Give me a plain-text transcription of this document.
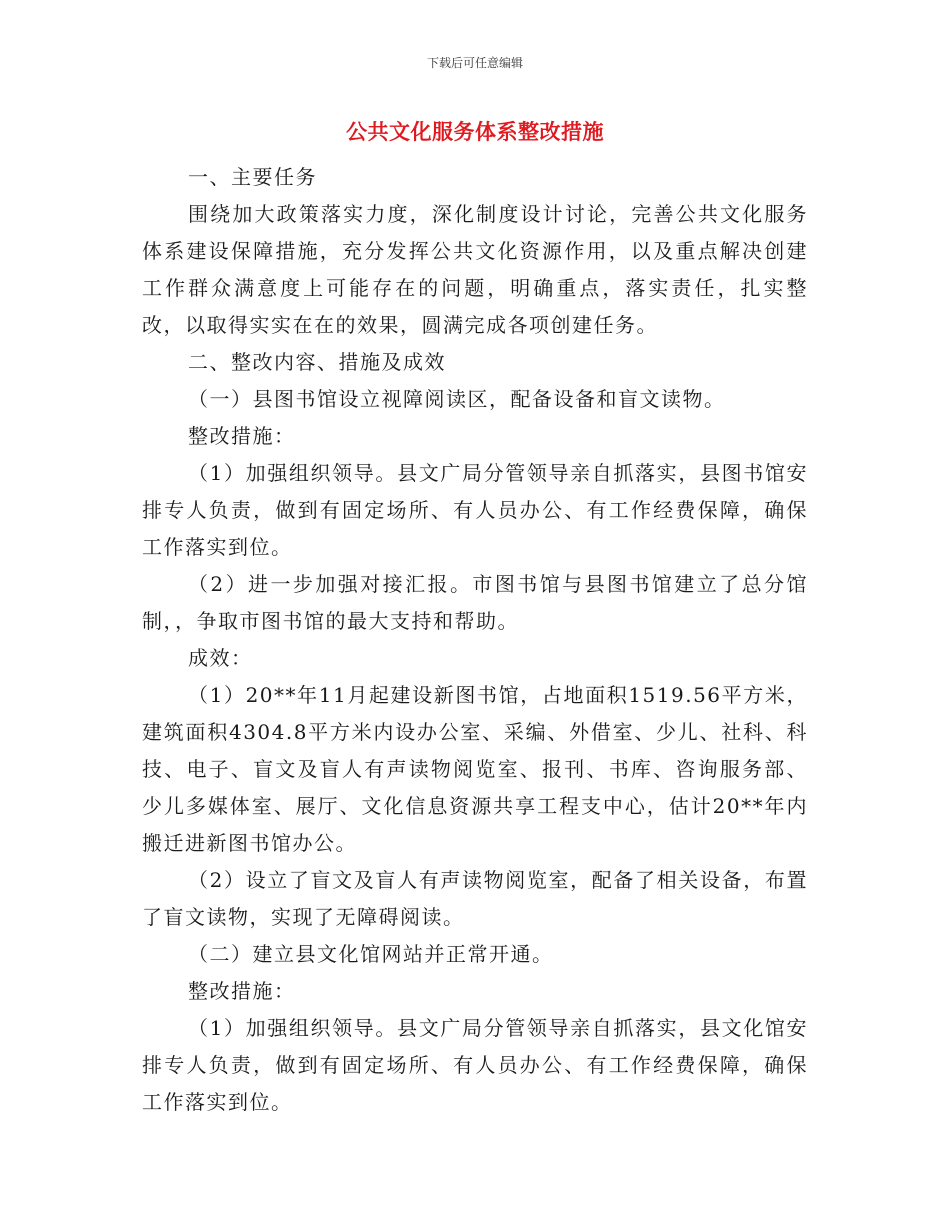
下载后可任意编辑
公共文化服务体系整改措施

一、主要任务

围绕加大政策落实力度，深化制度设计讨论，完善公共文化服务体系建设保障措施，充分发挥公共文化资源作用，以及重点解决创建工作群众满意度上可能存在的问题，明确重点，落实责任，扎实整改，以取得实实在在的效果，圆满完成各项创建任务。

二、整改内容、措施及成效

（一）县图书馆设立视障阅读区，配备设备和盲文读物。

整改措施：

（1）加强组织领导。县文广局分管领导亲自抓落实，县图书馆安排专人负责，做到有固定场所、有人员办公、有工作经费保障，确保工作落实到位。

（2）进一步加强对接汇报。市图书馆与县图书馆建立了总分馆制，，争取市图书馆的最大支持和帮助。

成效：

（1）20**年11月起建设新图书馆，占地面积1519.56平方米，建筑面积4304.8平方米内设办公室、采编、外借室、少儿、社科、科技、电子、盲文及盲人有声读物阅览室、报刊、书库、咨询服务部、少儿多媒体室、展厅、文化信息资源共享工程支中心，估计20**年内搬迁进新图书馆办公。

（2）设立了盲文及盲人有声读物阅览室，配备了相关设备，布置了盲文读物，实现了无障碍阅读。

（二）建立县文化馆网站并正常开通。

整改措施：

（1）加强组织领导。县文广局分管领导亲自抓落实，县文化馆安排专人负责，做到有固定场所、有人员办公、有工作经费保障，确保工作落实到位。
